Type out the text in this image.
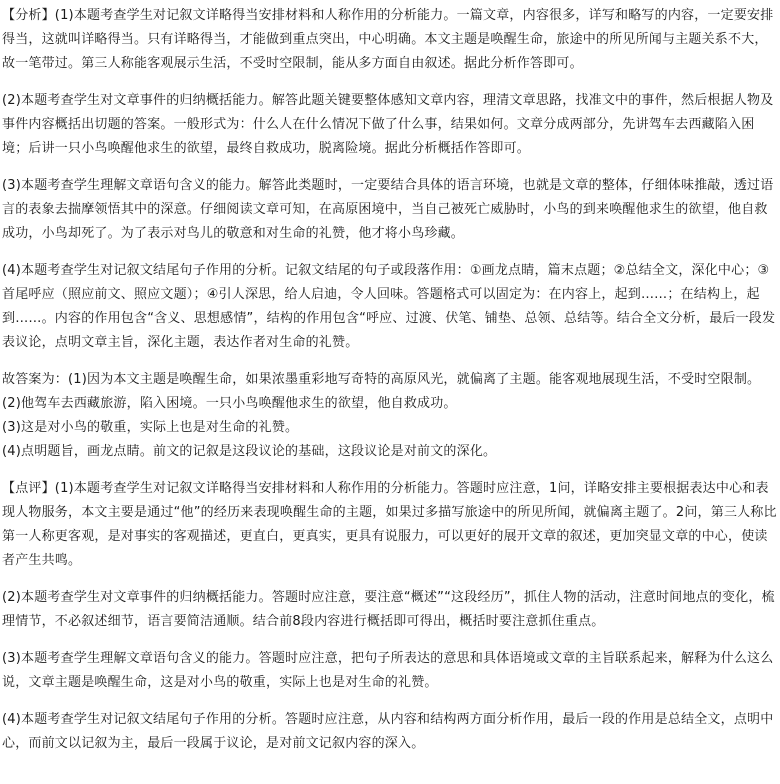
【分析】(1)本题考查学生对记叙文详略得当安排材料和人称作用的分析能力。一篇文章，内容很多，详写和略写的内容，一定要安排得当，这就叫详略得当。只有详略得当，才能做到重点突出，中心明确。本文主题是唤醒生命，旅途中的所见所闻与主题关系不大，故一笔带过。第三人称能客观展示生活，不受时空限制，能从多方面自由叙述。据此分析作答即可。

(2)本题考查学生对文章事件的归纳概括能力。解答此题关键要整体感知文章内容，理清文章思路，找准文中的事件，然后根据人物及事件内容概括出切题的答案。一般形式为：什么人在什么情况下做了什么事，结果如何。文章分成两部分，先讲驾车去西藏陷入困境；后讲一只小鸟唤醒他求生的欲望，最终自救成功，脱离险境。据此分析概括作答即可。

(3)本题考查学生理解文章语句含义的能力。解答此类题时，一定要结合具体的语言环境，也就是文章的整体，仔细体味推敲，透过语言的表象去揣摩领悟其中的深意。仔细阅读文章可知，在高原困境中，当自己被死亡威胁时，小鸟的到来唤醒他求生的欲望，他自救成功，小鸟却死了。为了表示对鸟儿的敬意和对生命的礼赞，他才将小鸟珍藏。

(4)本题考查学生对记叙文结尾句子作用的分析。记叙文结尾的句子或段落作用：①画龙点睛，篇末点题；②总结全文，深化中心；③首尾呼应（照应前文、照应文题）；④引人深思，给人启迪，令人回味。答题格式可以固定为：在内容上，起到……；在结构上，起到……。内容的作用包含“含义、思想感情”，结构的作用包含“呼应、过渡、伏笔、铺垫、总领、总结等。结合全文分析，最后一段发表议论，点明文章主旨，深化主题，表达作者对生命的礼赞。

故答案为：(1)因为本文主题是唤醒生命，如果浓墨重彩地写奇特的高原风光，就偏离了主题。能客观地展现生活，不受时空限制。

(2)他驾车去西藏旅游，陷入困境。一只小鸟唤醒他求生的欲望，他自救成功。

(3)这是对小鸟的敬重，实际上也是对生命的礼赞。

(4)点明题旨，画龙点睛。前文的记叙是这段议论的基础，这段议论是对前文的深化。

【点评】(1)本题考查学生对记叙文详略得当安排材料和人称作用的分析能力。答题时应注意，1问，详略安排主要根据表达中心和表现人物服务，本文主要是通过“他”的经历来表现唤醒生命的主题，如果过多描写旅途中的所见所闻，就偏离主题了。2问，第三人称比第一人称更客观，是对事实的客观描述，更直白，更真实，更具有说服力，可以更好的展开文章的叙述，更加突显文章的中心，使读者产生共鸣。

(2)本题考查学生对文章事件的归纳概括能力。答题时应注意，要注意“概述”“这段经历”，抓住人物的活动，注意时间地点的变化，梳理情节，不必叙述细节，语言要简洁通顺。结合前8段内容进行概括即可得出，概括时要注意抓住重点。

(3)本题考查学生理解文章语句含义的能力。答题时应注意，把句子所表达的意思和具体语境或文章的主旨联系起来，解释为什么这么说，文章主题是唤醒生命，这是对小鸟的敬重，实际上也是对生命的礼赞。

(4)本题考查学生对记叙文结尾句子作用的分析。答题时应注意，从内容和结构两方面分析作用，最后一段的作用是总结全文，点明中心，而前文以记叙为主，最后一段属于议论，是对前文记叙内容的深入。
